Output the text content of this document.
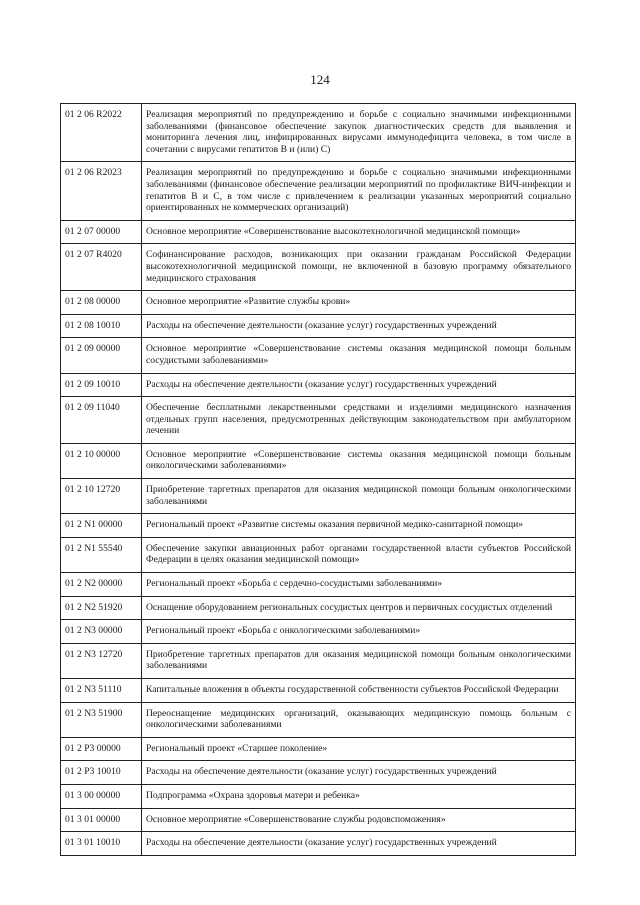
124
01 2 06 R2022	Реализация мероприятий по предупреждению и борьбе с социально значимыми инфекционными заболеваниями (финансовое обеспечение закупок диагностических средств для выявления и мониторинга лечения лиц, инфицированных вирусами иммунодефицита человека, в том числе в сочетании с вирусами гепатитов В и (или) С)
01 2 06 R2023	Реализация мероприятий по предупреждению и борьбе с социально значимыми инфекционными заболеваниями (финансовое обеспечение реализации мероприятий по профилактике ВИЧ-инфекции и гепатитов В и С, в том числе с привлечением к реализации указанных мероприятий социально ориентированных не коммерческих организаций)
01 2 07 00000	Основное мероприятие «Совершенствование высокотехнологичной медицинской помощи»
01 2 07 R4020	Софинансирование расходов, возникающих при оказании гражданам Российской Федерации высокотехнологичной медицинской помощи, не включенной в базовую программу обязательного медицинского страхования
01 2 08 00000	Основное мероприятие «Развитие службы крови»
01 2 08 10010	Расходы на обеспечение деятельности (оказание услуг) государственных учреждений
01 2 09 00000	Основное мероприятие «Совершенствование системы оказания медицинской помощи больным сосудистыми заболеваниями»
01 2 09 10010	Расходы на обеспечение деятельности (оказание услуг) государственных учреждений
01 2 09 11040	Обеспечение бесплатными лекарственными средствами и изделиями медицинского назначения отдельных групп населения, предусмотренных действующим законодательством при амбулаторном лечении
01 2 10 00000	Основное мероприятие «Совершенствование системы оказания медицинской помощи больным онкологическими заболеваниями»
01 2 10 12720	Приобретение таргетных препаратов для оказания медицинской помощи больным онкологическими заболеваниями
01 2 N1 00000	Региональный проект «Развитие системы оказания первичной медико-санитарной помощи»
01 2 N1 55540	Обеспечение закупки авиационных работ органами государственной власти субъектов Российской Федерации в целях оказания медицинской помощи»
01 2 N2 00000	Региональный проект «Борьба с сердечно-сосудистыми заболеваниями»
01 2 N2 51920	Оснащение оборудованием региональных сосудистых центров и первичных сосудистых отделений
01 2 N3 00000	Региональный проект «Борьба с онкологическими заболеваниями»
01 2 N3 12720	Приобретение таргетных препаратов для оказания медицинской помощи больным онкологическими заболеваниями
01 2 N3 51110	Капитальные вложения в объекты государственной собственности субъектов Российской Федерации
01 2 N3 51900	Переоснащение медицинских организаций, оказывающих медицинскую помощь больным с онкологическими заболеваниями
01 2 P3 00000	Региональный проект «Старшее поколение»
01 2 P3 10010	Расходы на обеспечение деятельности (оказание услуг) государственных учреждений
01 3 00 00000	Подпрограмма «Охрана здоровья матери и ребенка»
01 3 01 00000	Основное мероприятие «Совершенствование службы родовспоможения»
01 3 01 10010	Расходы на обеспечение деятельности (оказание услуг) государственных учреждений
